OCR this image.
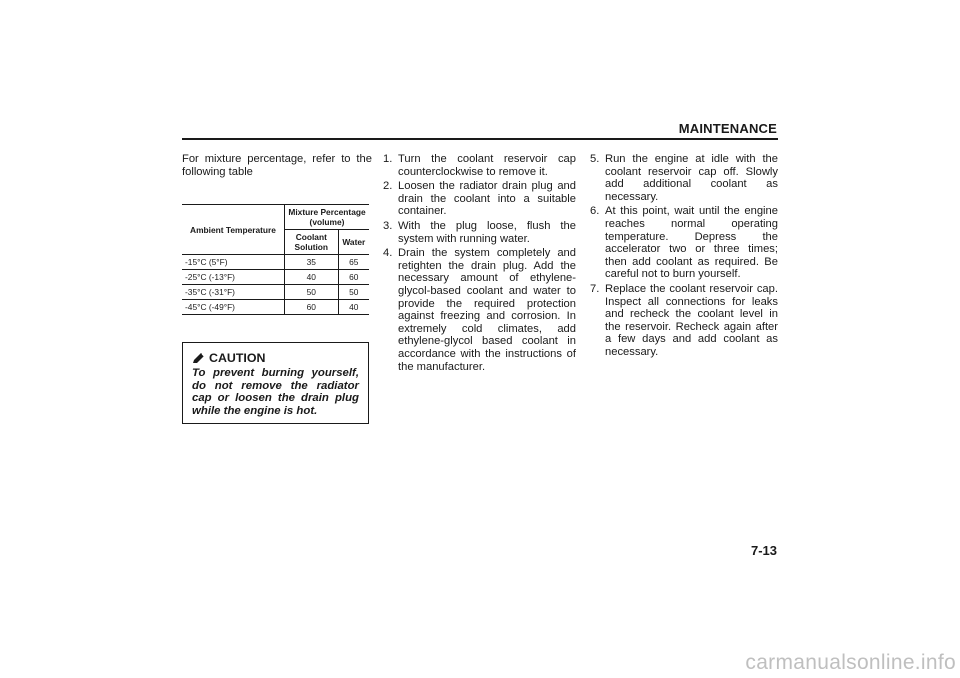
MAINTENANCE

For mixture percentage, refer to the following table

Ambient Temperature	Mixture Percentage (volume)	
	Coolant Solution	Water
-15°C (5°F)	35	65
-25°C (-13°F)	40	60
-35°C (-31°F)	50	50
-45°C (-49°F)	60	40
CAUTION
To prevent burning yourself, do not remove the radiator cap or loosen the drain plug while the engine is hot.
1. Turn the coolant reservoir cap counterclockwise to remove it.
2. Loosen the radiator drain plug and drain the coolant into a suitable container.
3. With the plug loose, flush the system with running water.
4. Drain the system completely and retighten the drain plug. Add the necessary amount of ethylene-glycol-based coolant and water to provide the required protection against freezing and corrosion. In extremely cold climates, add ethylene-glycol based coolant in accordance with the instructions of the manufacturer.
5. Run the engine at idle with the coolant reservoir cap off. Slowly add additional coolant as necessary.
6. At this point, wait until the engine reaches normal operating temperature. Depress the accelerator two or three times; then add coolant as required. Be careful not to burn yourself.
7. Replace the coolant reservoir cap. Inspect all connections for leaks and recheck the coolant level in the reservoir. Recheck again after a few days and add coolant as necessary.
7-13
carmanualsonline.info
